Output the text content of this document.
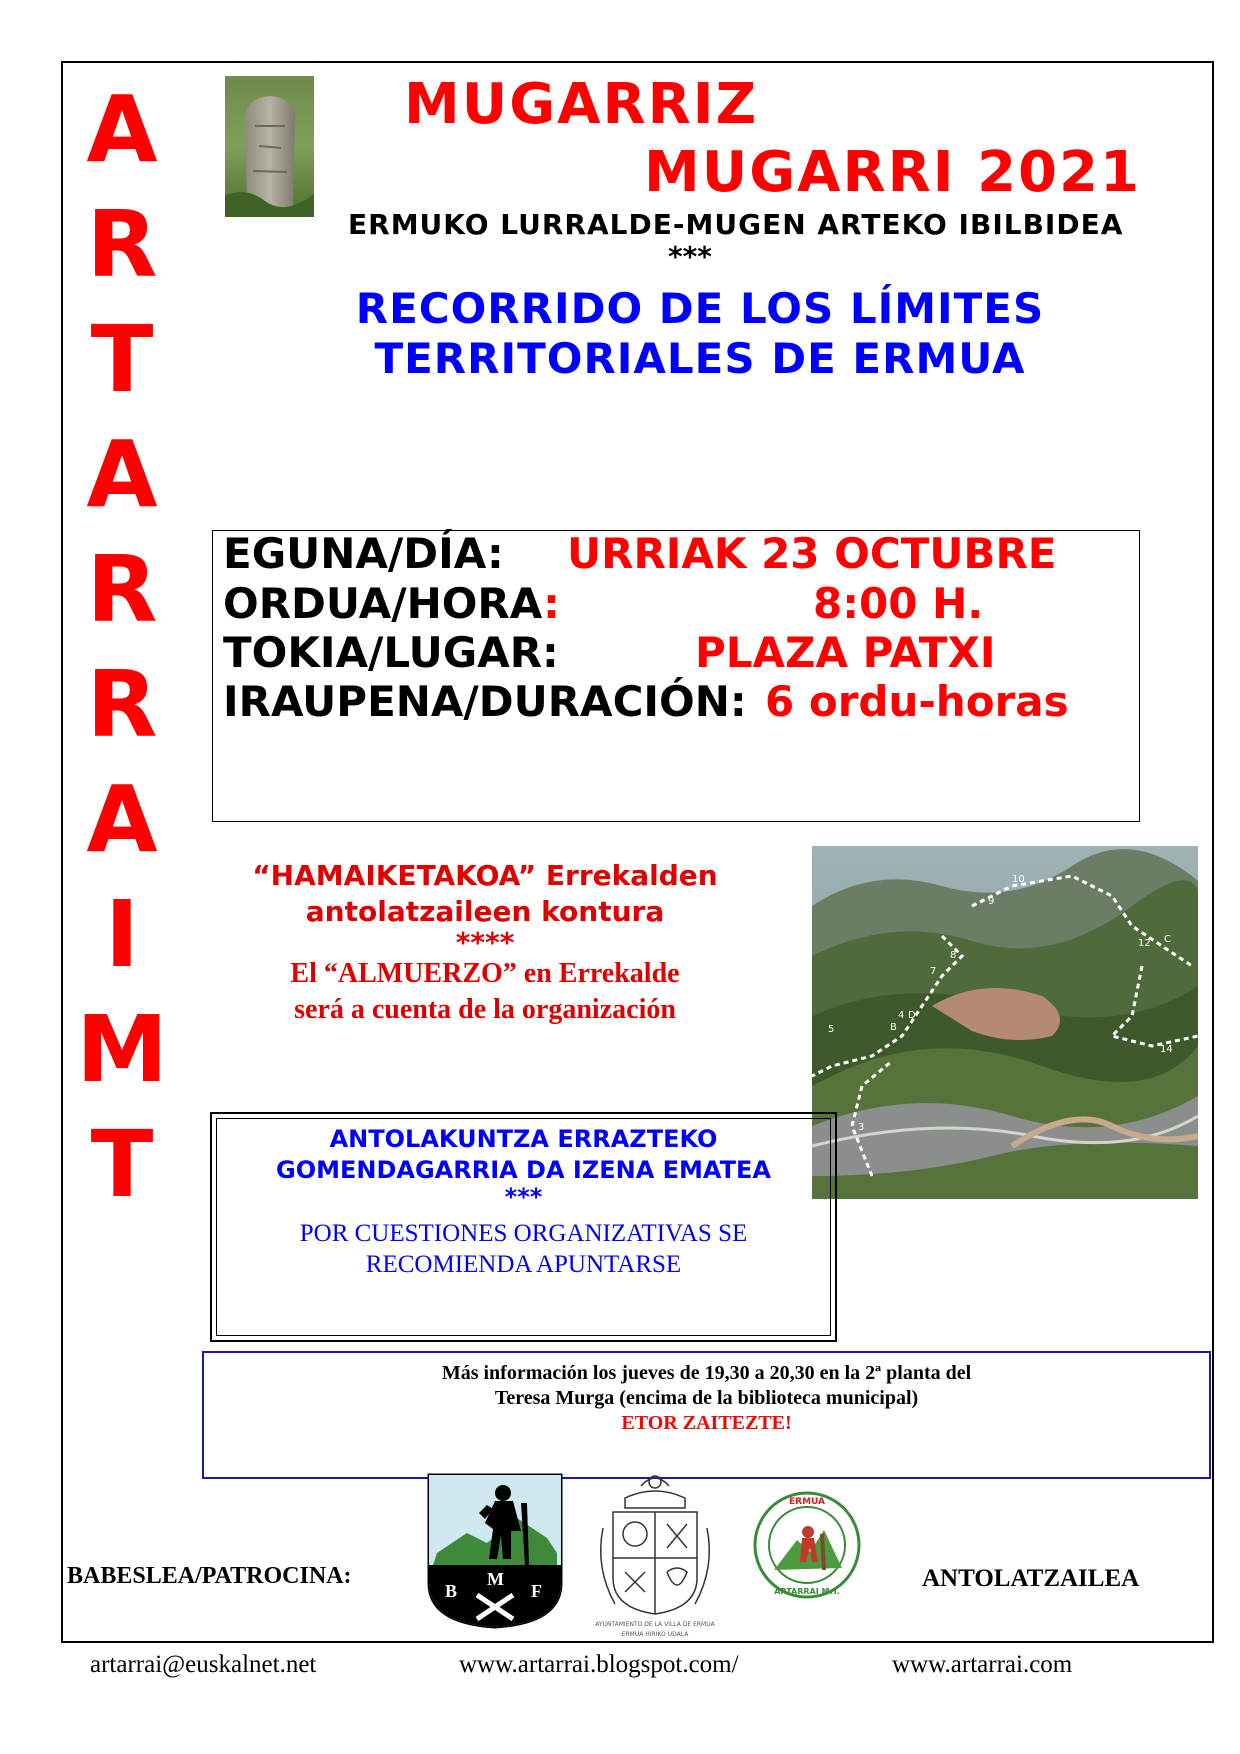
A
R
T
A
R
R
A
I
M
T
MUGARRIZ
MUGARRI 2021
ERMUKO LURRALDE-MUGEN ARTEKO IBILBIDEA
***
RECORRIDO DE LOS LÍMITES
TERRITORIALES DE ERMUA
EGUNA/DÍA: URRIAK 23 OCTUBRE
ORDUA/HORA:	8:00 H.
TOKIA/LUGAR:	PLAZA PATXI
IRAUPENA/DURACIÓN: 6 ordu-horas
“HAMAIKETAKOA” Errekalden
antolatzaileen kontura
****
El “ALMUERZO” en Errekalde
será a cuenta de la organización
10
9
8
7
12 C
4 D
5	B
14
3
ANTOLAKUNTZA ERRAZTEKO
GOMENDAGARRIA DA IZENA EMATEA
***
POR CUESTIONES ORGANIZATIVAS SE
RECOMIENDA APUNTARSE
Más información los jueves de 19,30 a 20,30 en la 2ª planta del
Teresa Murga (encima de la biblioteca municipal)
ETOR ZAITEZTE!
BABESLEA/PATROCINA:	M
B	F
AYUNTAMIENTO DE LA VILLA DE ERMUA
ERMUA HIRIKO UDALA
ERMUA
ARTARRAI M.T.	ANTOLATZAILEA
artarrai@euskalnet.net	www.artarrai.blogspot.com/	www.artarrai.com
